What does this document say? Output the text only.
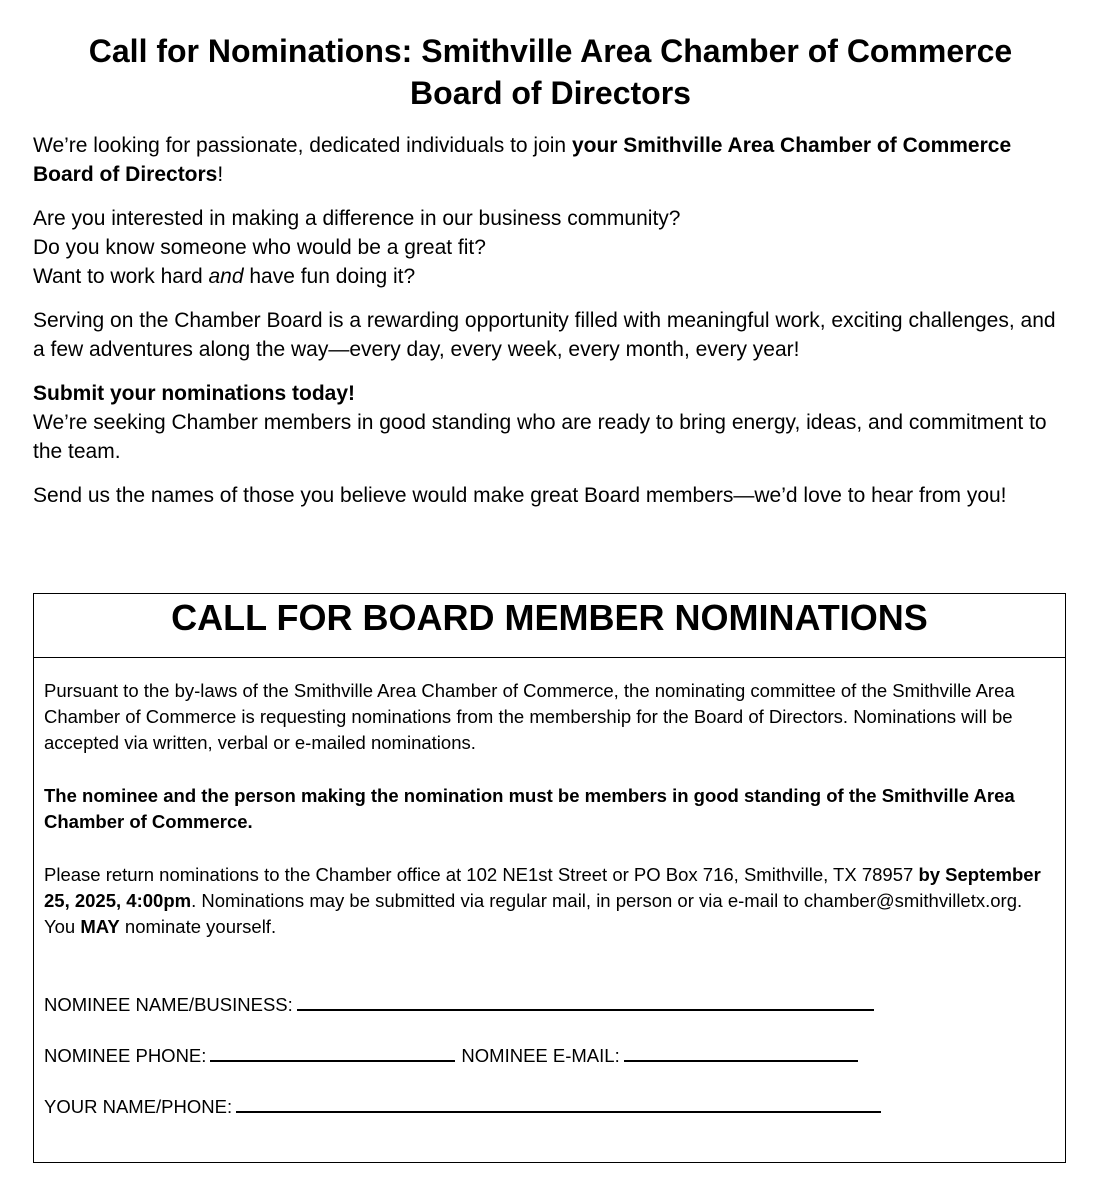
Call for Nominations: Smithville Area Chamber of Commerce
Board of Directors

We’re looking for passionate, dedicated individuals to join your Smithville Area Chamber of Commerce Board of Directors!

Are you interested in making a difference in our business community?
Do you know someone who would be a great fit?
Want to work hard and have fun doing it?

Serving on the Chamber Board is a rewarding opportunity filled with meaningful work, exciting challenges, and a few adventures along the way—every day, every week, every month, every year!

Submit your nominations today!
We’re seeking Chamber members in good standing who are ready to bring energy, ideas, and commitment to the team.

Send us the names of those you believe would make great Board members—we’d love to hear from you!

CALL FOR BOARD MEMBER NOMINATIONS

Pursuant to the by-laws of the Smithville Area Chamber of Commerce, the nominating committee of the Smithville Area Chamber of Commerce is requesting nominations from the membership for the Board of Directors. Nominations will be accepted via written, verbal or e-mailed nominations.

The nominee and the person making the nomination must be members in good standing of the Smithville Area Chamber of Commerce.

Please return nominations to the Chamber office at 102 NE1st Street or PO Box 716, Smithville, TX 78957 by September 25, 2025, 4:00pm. Nominations may be submitted via regular mail, in person or via e-mail to chamber@smithvilletx.org. You MAY nominate yourself.

NOMINEE NAME/BUSINESS:
NOMINEE PHONE:	NOMINEE E-MAIL:
YOUR NAME/PHONE:
